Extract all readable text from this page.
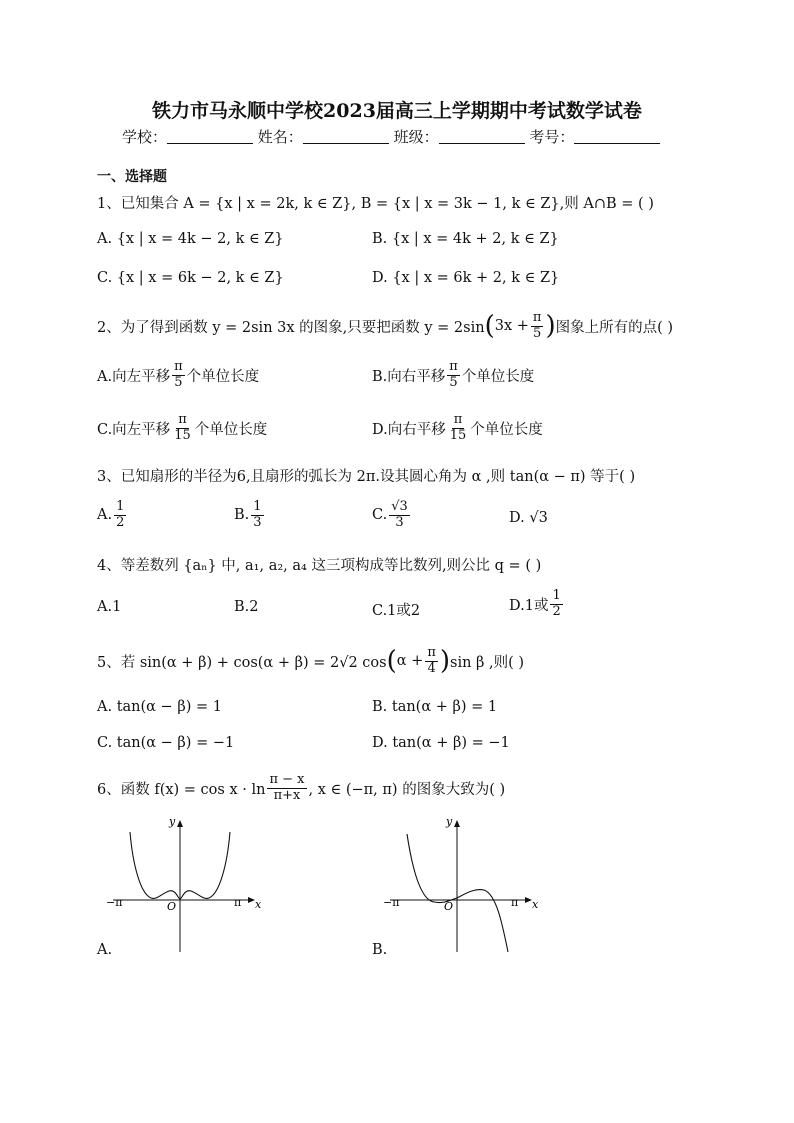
铁力市马永顺中学校2023届高三上学期期中考试数学试卷
学校：	姓名：	班级：	考号：
一、选择题
1、已知集合 A = {x | x = 2k, k ∈ Z}, B = {x | x = 3k − 1, k ∈ Z},则 A∩B = ( )
A. {x | x = 4k − 2, k ∈ Z}	B. {x | x = 4k + 2, k ∈ Z}
C. {x | x = 6k − 2, k ∈ Z}	D. {x | x = 6k + 2, k ∈ Z}
2、为了得到函数 y = 2sin 3x 的图象,只要把函数 y = 2sin ( $3x + \frac{\pi}{5}$ ) 图象上所有的点( )
A.向左平移 $\frac{\pi}{5}$ 个单位长度	B.向右平移 $\frac{\pi}{5}$ 个单位长度
C.向左平移 $\frac{\pi}{15}$ 个单位长度	D.向右平移 $\frac{\pi}{15}$ 个单位长度
3、已知扇形的半径为6,且扇形的弧长为 2π.设其圆心角为 α ,则 tan(α − π) 等于( )
A. $\frac{1}{2}$	B. $\frac{1}{3}$	C. $\frac{√3}{3}$	D. √3
4、等差数列 {aₙ} 中, a₁, a₂, a₄ 这三项构成等比数列,则公比 q = ( )
A.1	B.2	C.1或2	D.1或 $\frac{1}{2}$
5、若 sin(α + β) + cos(α + β) = 2√2 cos ( $\alpha + \frac{\pi}{4}$ ) sin β ,则( )
A. tan(α − β) = 1	B. tan(α + β) = 1
C. tan(α − β) = −1	D. tan(α + β) = −1
6、函数 $f(x) = \cos x \cdot \ln \frac{\pi - x}{\pi+x}$ , x ∈ (−π, π) 的图象大致为( )
−π	π x
y
O
A.
−π	π x
y
O
B.
